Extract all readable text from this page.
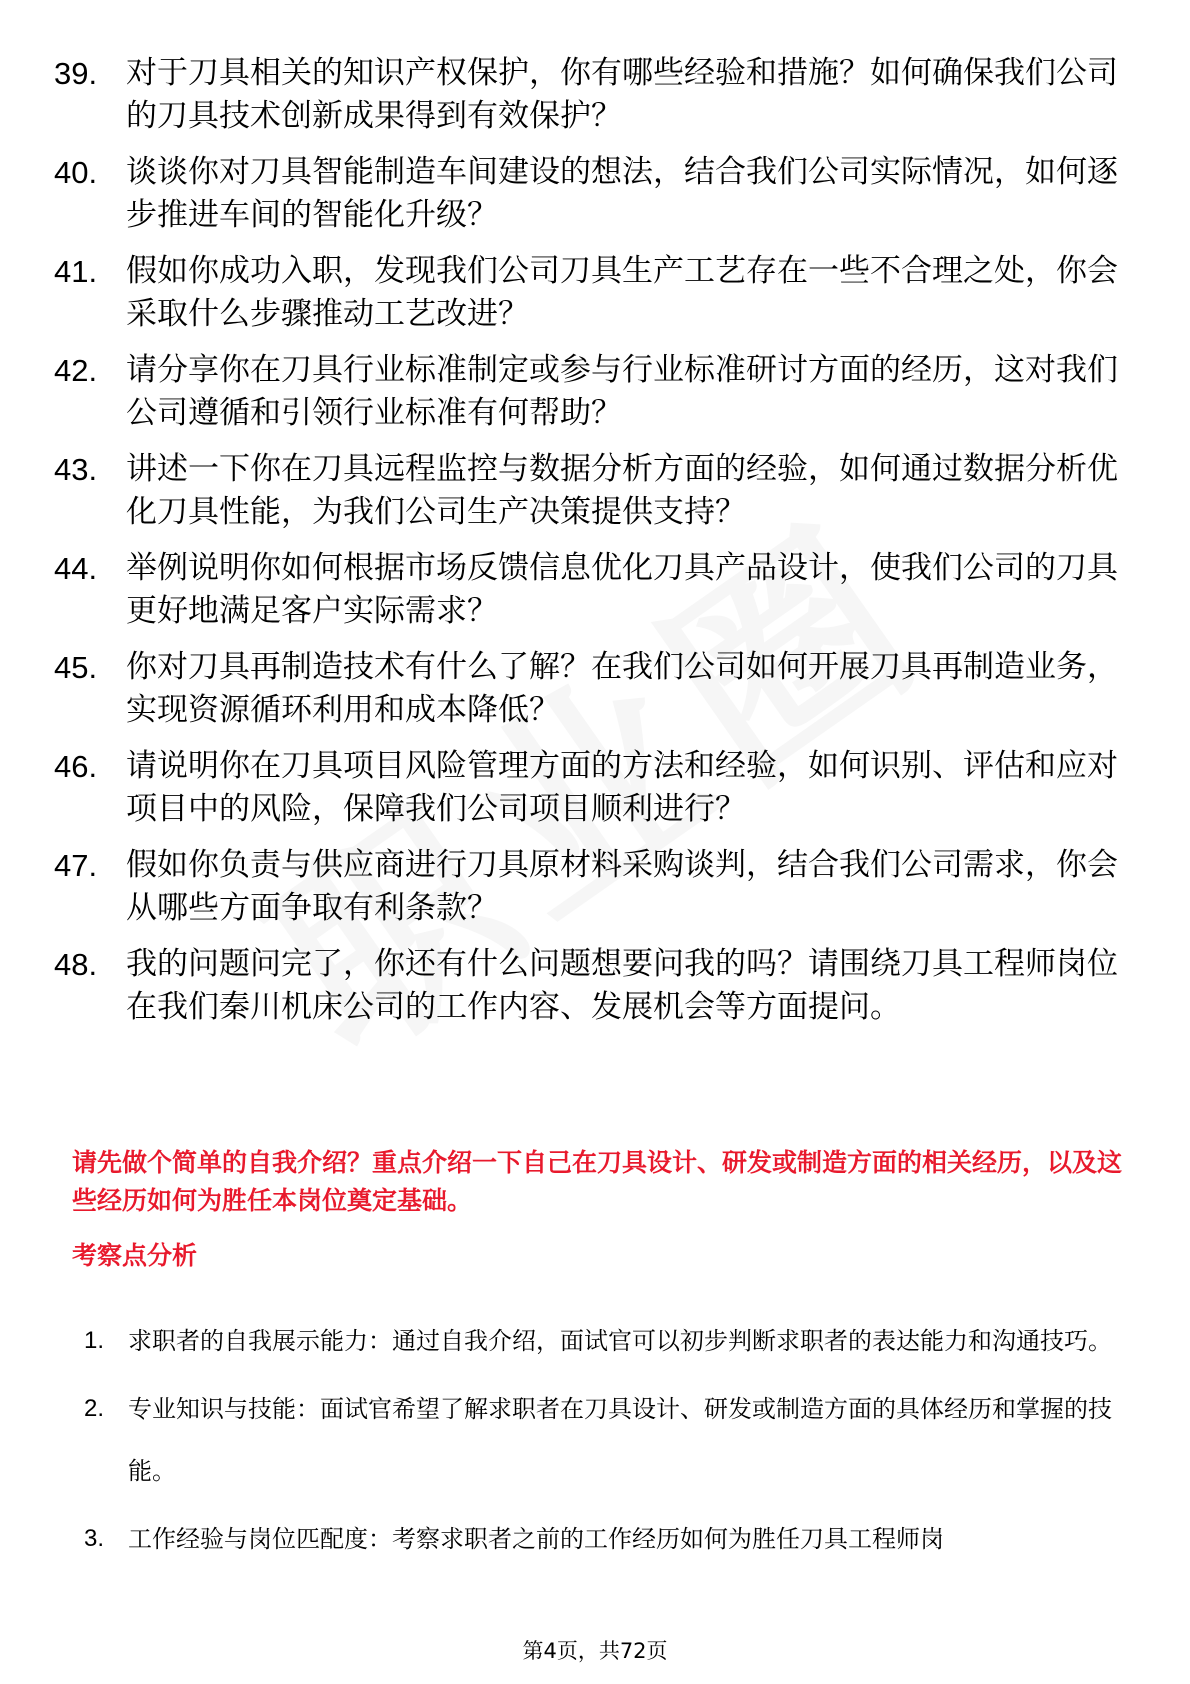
39. 对于刀具相关的知识产权保护，你有哪些经验和措施？如何确保我们公司的刀具技术创新成果得到有效保护？
40. 谈谈你对刀具智能制造车间建设的想法，结合我们公司实际情况，如何逐步推进车间的智能化升级？
41. 假如你成功入职，发现我们公司刀具生产工艺存在一些不合理之处，你会采取什么步骤推动工艺改进？
42. 请分享你在刀具行业标准制定或参与行业标准研讨方面的经历，这对我们公司遵循和引领行业标准有何帮助？
43. 讲述一下你在刀具远程监控与数据分析方面的经验，如何通过数据分析优化刀具性能，为我们公司生产决策提供支持？
44. 举例说明你如何根据市场反馈信息优化刀具产品设计，使我们公司的刀具更好地满足客户实际需求？
45. 你对刀具再制造技术有什么了解？在我们公司如何开展刀具再制造业务，实现资源循环利用和成本降低？
46. 请说明你在刀具项目风险管理方面的方法和经验，如何识别、评估和应对项目中的风险，保障我们公司项目顺利进行？
47. 假如你负责与供应商进行刀具原材料采购谈判，结合我们公司需求，你会从哪些方面争取有利条款？
48. 我的问题问完了，你还有什么问题想要问我的吗？请围绕刀具工程师岗位在我们秦川机床公司的工作内容、发展机会等方面提问。
请先做个简单的自我介绍？重点介绍一下自己在刀具设计、研发或制造方面的相关经历，以及这些经历如何为胜任本岗位奠定基础。
考察点分析
1. 求职者的自我展示能力：通过自我介绍，面试官可以初步判断求职者的表达能力和沟通技巧。
2. 专业知识与技能：面试官希望了解求职者在刀具设计、研发或制造方面的具体经历和掌握的技能。
3. 工作经验与岗位匹配度：考察求职者之前的工作经历如何为胜任刀具工程师岗
第4页，共72页
